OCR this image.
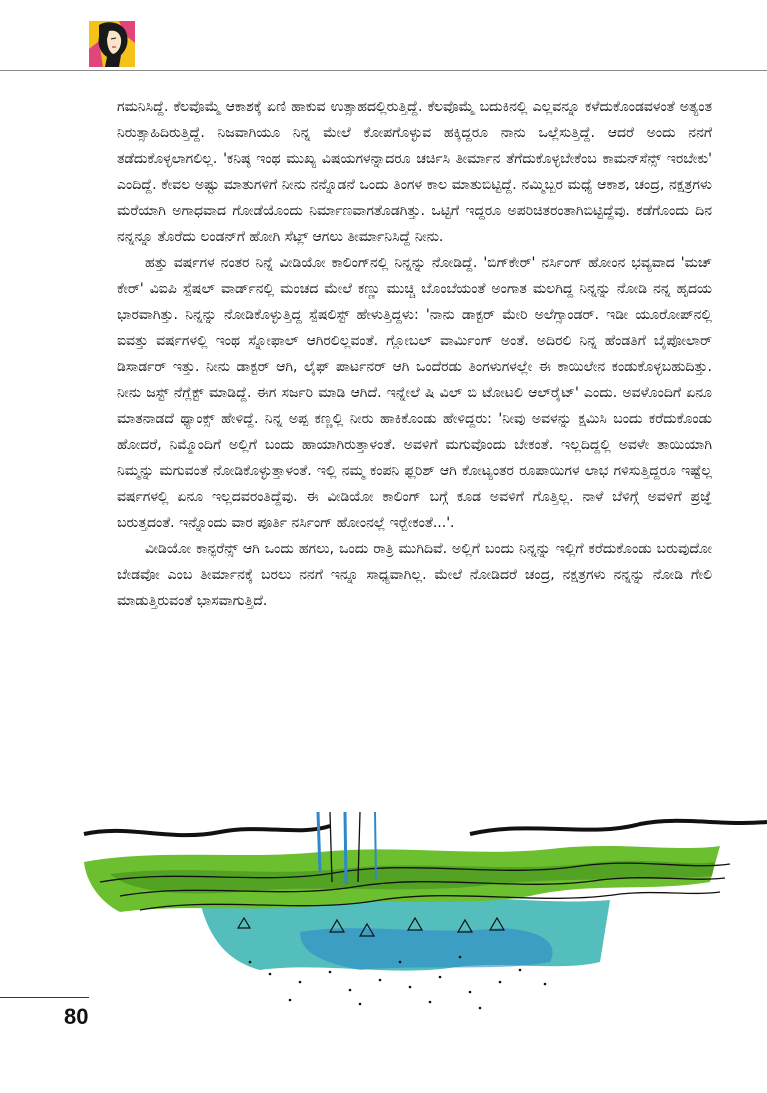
ಗಮನಿಸಿದ್ದೆ. ಕೆಲವೊಮ್ಮೆ ಆಕಾಶಕ್ಕೆ ಏಣಿ ಹಾಕುವ ಉತ್ಸಾಹದಲ್ಲಿರುತ್ತಿದ್ದೆ. ಕೆಲವೊಮ್ಮೆ ಬದುಕಿನಲ್ಲಿ ಎಲ್ಲವನ್ನೂ ಕಳೆದುಕೊಂಡವಳಂತೆ ಅತ್ಯಂತ ನಿರುತ್ಸಾಹಿದಿರುತ್ತಿದ್ದೆ. ನಿಜವಾಗಿಯೂ ನಿನ್ನ ಮೇಲೆ ಕೋಪಗೊಳ್ಳುವ ಹಕ್ಕಿದ್ದರೂ ನಾನು ಒಲ್ಲೆಸುತ್ತಿದ್ದೆ. ಆದರೆ ಅಂದು ನನಗೆ ತಡೆದುಕೊಳ್ಳಲಾಗಲಿಲ್ಲ. 'ಕನಿಷ್ಠ ಇಂಥ ಮುಖ್ಯ ವಿಷಯಗಳನ್ನಾದರೂ ಚರ್ಚಿಸಿ ತೀರ್ಮಾನ ತೆಗೆದುಕೊಳ್ಳಬೇಕೆಂಬ ಕಾಮನ್‌ಸೆನ್ಸ್ ಇರಬೇಕು' ಎಂದಿದ್ದೆ. ಕೇವಲ ಅಷ್ಟು ಮಾತುಗಳಿಗೆ ನೀನು ನನ್ನೊಡನೆ ಒಂದು ತಿಂಗಳ ಕಾಲ ಮಾತುಬಿಟ್ಟಿದ್ದೆ. ನಮ್ಮಿಬ್ಬರ ಮಧ್ಯೆ ಆಕಾಶ, ಚಂದ್ರ, ನಕ್ಷತ್ರಗಳು ಮರೆಯಾಗಿ ಅಗಾಧವಾದ ಗೋಡೆಯೊಂದು ನಿರ್ಮಾಣವಾಗತೊಡಗಿತ್ತು. ಒಟ್ಟಿಗೆ ಇದ್ದರೂ ಅಪರಿಚಿತರಂತಾಗಿಬಿಟ್ಟಿದ್ದೆವು. ಕಡೆಗೊಂದು ದಿನ ನನ್ನನ್ನೂ ತೊರೆದು ಲಂಡನ್‌ಗೆ ಹೋಗಿ ಸೆಟ್ಲ್ ಆಗಲು ತೀರ್ಮಾನಿಸಿದ್ದೆ ನೀನು.

ಹತ್ತು ವರ್ಷಗಳ ನಂತರ ನಿನ್ನೆ ವೀಡಿಯೋ ಕಾಲಿಂಗ್‌ನಲ್ಲಿ ನಿನ್ನನ್ನು ನೋಡಿದ್ದೆ. 'ಬಿಗ್‌ಕೇರ್' ನರ್ಸಿಂಗ್ ಹೋಂನ ಭವ್ಯವಾದ 'ಮಚ್ ಕೇರ್' ವಿಐಪಿ ಸ್ಪೆಷಲ್ ವಾರ್ಡ್‌ನಲ್ಲಿ ಮಂಚದ ಮೇಲೆ ಕಣ್ಣು ಮುಚ್ಚಿ ಬೊಂಬೆಯಂತೆ ಅಂಗಾತ ಮಲಗಿದ್ದ ನಿನ್ನನ್ನು ನೋಡಿ ನನ್ನ ಹೃದಯ ಭಾರವಾಗಿತ್ತು. ನಿನ್ನನ್ನು ನೋಡಿಕೊಳ್ಳುತ್ತಿದ್ದ ಸ್ಪೆಷಲಿಸ್ಟ್ ಹೇಳುತ್ತಿದ್ದಳು: 'ನಾನು ಡಾಕ್ಟರ್ ಮೇರಿ ಅಲೆಗ್ಸಾಂಡರ್. ಇಡೀ ಯೂರೋಪ್‌ನಲ್ಲಿ ಐವತ್ತು ವರ್ಷಗಳಲ್ಲಿ ಇಂಥ ಸ್ನೋಫಾಲ್ ಆಗಿರಲಿಲ್ಲವಂತೆ. ಗ್ಲೋಬಲ್ ವಾರ್ಮಿಂಗ್ ಅಂತೆ. ಅದಿರಲಿ ನಿನ್ನ ಹೆಂಡತಿಗೆ ಬೈಪೋಲಾರ್ ಡಿಸಾರ್ಡರ್ ಇತ್ತು. ನೀನು ಡಾಕ್ಟರ್ ಆಗಿ, ಲೈಫ್ ಪಾರ್ಟನರ್ ಆಗಿ ಒಂದೆರಡು ತಿಂಗಳುಗಳಲ್ಲೇ ಈ ಕಾಯಿಲೇನ ಕಂಡುಕೊಳ್ಳಬಹುದಿತ್ತು. ನೀನು ಜಸ್ಟ್ ನೆಗ್ಲೆಕ್ಟ್ ಮಾಡಿದ್ದೆ. ಈಗ ಸರ್ಜರಿ ಮಾಡಿ ಆಗಿದೆ. ಇನ್ನೇಲೆ ಷಿ ವಿಲ್ ಬಿ ಟೋಟಲಿ ಆಲ್‌ರೈಟ್' ಎಂದು. ಅವಳೊಂದಿಗೆ ಏನೂ ಮಾತನಾಡದೆ ಥ್ಯಾಂಕ್ಸ್ ಹೇಳಿದ್ದೆ. ನಿನ್ನ ಅಪ್ಪ ಕಣ್ಣಲ್ಲಿ ನೀರು ಹಾಕಿಕೊಂಡು ಹೇಳಿದ್ದರು: 'ನೀವು ಅವಳನ್ನು ಕ್ಷಮಿಸಿ ಬಂದು ಕರೆದುಕೊಂಡು ಹೋದರೆ, ನಿಮ್ಮೊಂದಿಗೆ ಅಲ್ಲಿಗೆ ಬಂದು ಹಾಯಾಗಿರುತ್ತಾಳಂತೆ. ಅವಳಿಗೆ ಮಗುವೊಂದು ಬೇಕಂತೆ. ಇಲ್ಲದಿದ್ದಲ್ಲಿ ಅವಳೇ ತಾಯಿಯಾಗಿ ನಿಮ್ಮನ್ನು ಮಗುವಂತೆ ನೋಡಿಕೊಳ್ಳುತ್ತಾಳಂತೆ. ಇಲ್ಲಿ ನಮ್ಮ ಕಂಪನಿ ಫ್ಲರಿಶ್ ಆಗಿ ಕೋಟ್ಯಂತರ ರೂಪಾಯಿಗಳ ಲಾಭ ಗಳಿಸುತ್ತಿದ್ದರೂ ಇಷ್ಟೆಲ್ಲ ವರ್ಷಗಳಲ್ಲಿ ಏನೂ ಇಲ್ಲದವರಂತಿದ್ದೆವು. ಈ ವೀಡಿಯೋ ಕಾಲಿಂಗ್ ಬಗ್ಗೆ ಕೂಡ ಅವಳಿಗೆ ಗೊತ್ತಿಲ್ಲ. ನಾಳೆ ಬೆಳಿಗ್ಗೆ ಅವಳಿಗೆ ಪ್ರಜ್ಞೆ ಬರುತ್ತದಂತೆ. ಇನ್ನೊಂದು ವಾರ ಪೂರ್ತಿ ನರ್ಸಿಂಗ್ ಹೋಂನಲ್ಲೆ ಇರ್‍ಬೇಕಂತೆ...'.

ವೀಡಿಯೋ ಕಾನ್ಫರೆನ್ಸ್ ಆಗಿ ಒಂದು ಹಗಲು, ಒಂದು ರಾತ್ರಿ ಮುಗಿದಿವೆ. ಅಲ್ಲಿಗೆ ಬಂದು ನಿನ್ನನ್ನು ಇಲ್ಲಿಗೆ ಕರೆದುಕೊಂಡು ಬರುವುದೋ ಬೇಡವೋ ಎಂಬ ತೀರ್ಮಾನಕ್ಕೆ ಬರಲು ನನಗೆ ಇನ್ನೂ ಸಾಧ್ಯವಾಗಿಲ್ಲ. ಮೇಲೆ ನೋಡಿದರೆ ಚಂದ್ರ, ನಕ್ಷತ್ರಗಳು ನನ್ನನ್ನು ನೋಡಿ ಗೇಲಿ ಮಾಡುತ್ತಿರುವಂತೆ ಭಾಸವಾಗುತ್ತಿದೆ.

80
